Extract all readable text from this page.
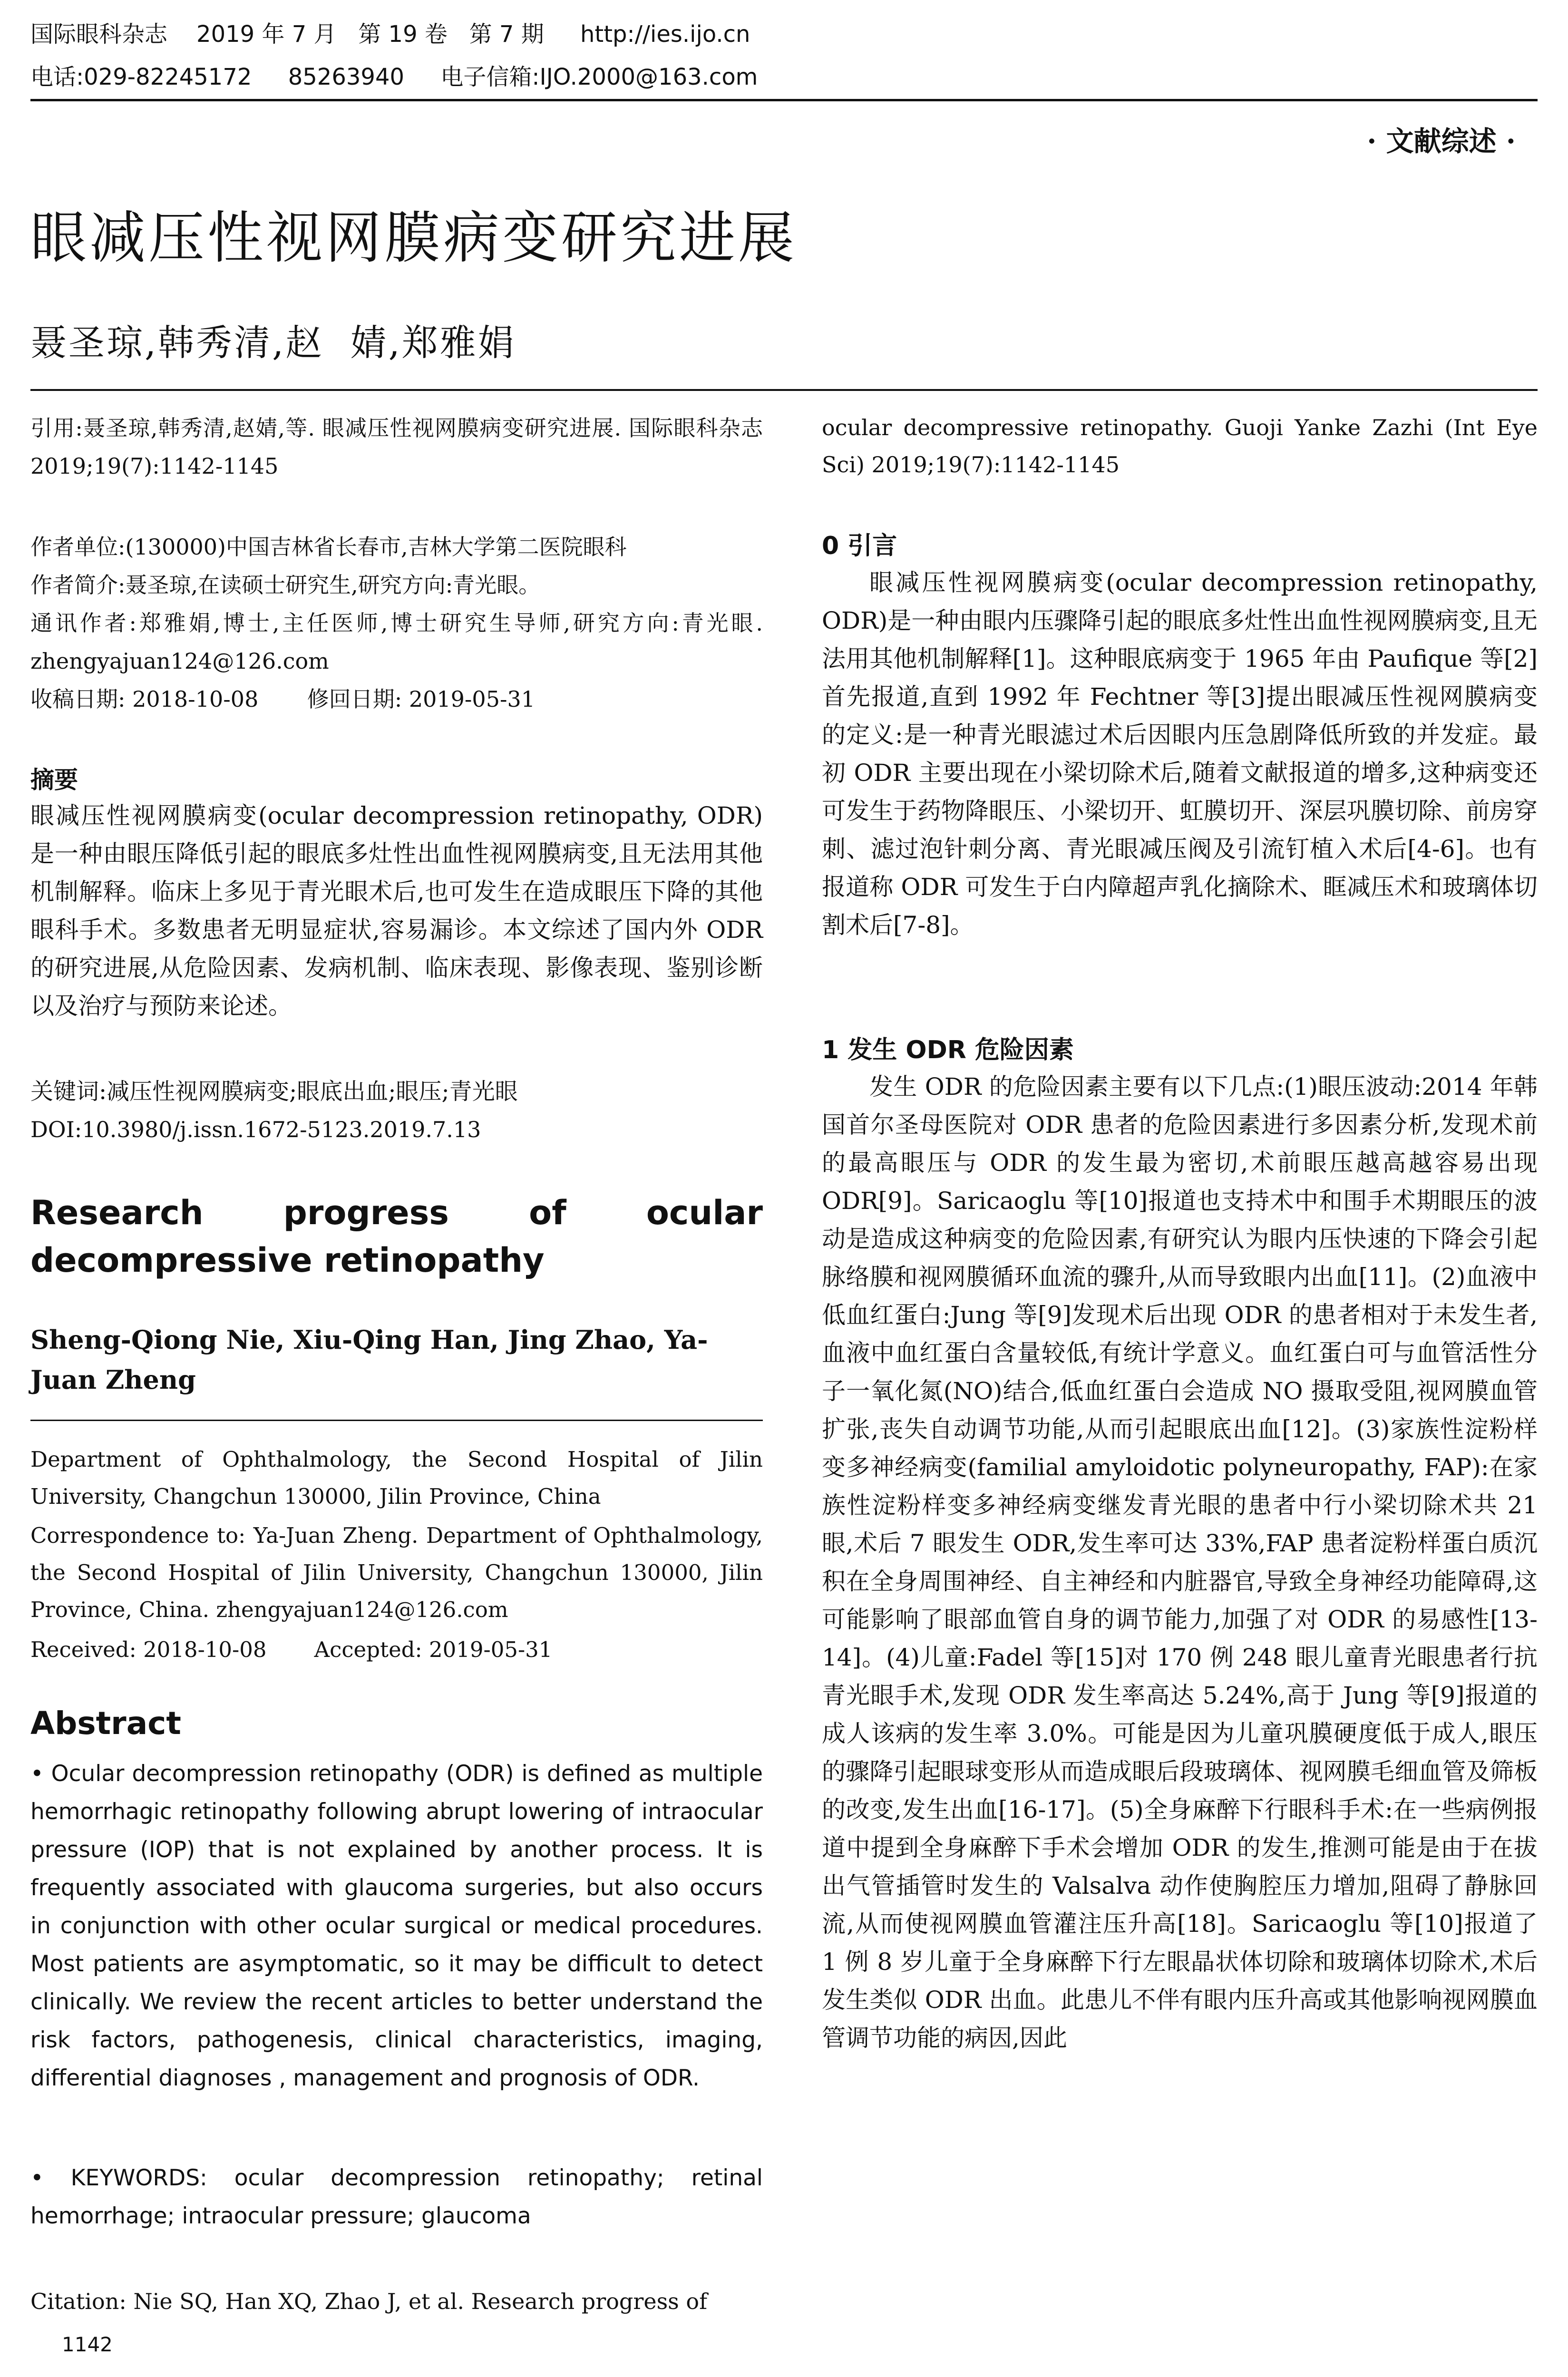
国际眼科杂志    2019 年 7 月   第 19 卷   第 7 期     http://ies.ijo.cn
电话:029-82245172     85263940     电子信箱:IJO.2000@163.com
· 文献综述 ·
眼减压性视网膜病变研究进展
聂圣琼,韩秀清,赵  婧,郑雅娟

引用:聂圣琼,韩秀清,赵婧,等. 眼减压性视网膜病变研究进展. 国际眼科杂志 2019;19(7):1142-1145

作者单位:(130000)中国吉林省长春市,吉林大学第二医院眼科

作者简介:聂圣琼,在读硕士研究生,研究方向:青光眼。

通讯作者:郑雅娟,博士,主任医师,博士研究生导师,研究方向:青光眼. zhengyajuan124@126.com

收稿日期: 2018-10-08       修回日期: 2019-05-31

摘要

眼减压性视网膜病变(ocular decompression retinopathy, ODR)是一种由眼压降低引起的眼底多灶性出血性视网膜病变,且无法用其他机制解释。临床上多见于青光眼术后,也可发生在造成眼压下降的其他眼科手术。多数患者无明显症状,容易漏诊。本文综述了国内外 ODR 的研究进展,从危险因素、发病机制、临床表现、影像表现、鉴别诊断以及治疗与预防来论述。

关键词:减压性视网膜病变;眼底出血;眼压;青光眼

DOI:10.3980/j.issn.1672-5123.2019.7.13

Research progress of ocular decompressive retinopathy

Sheng-Qiong Nie, Xiu-Qing Han, Jing Zhao, Ya-Juan Zheng

Department of Ophthalmology, the Second Hospital of Jilin University, Changchun 130000, Jilin Province, China

Correspondence to: Ya-Juan Zheng. Department of Ophthalmology, the Second Hospital of Jilin University, Changchun 130000, Jilin Province, China. zhengyajuan124@126.com

Received: 2018-10-08       Accepted: 2019-05-31

Abstract

• Ocular decompression retinopathy (ODR) is defined as multiple hemorrhagic retinopathy following abrupt lowering of intraocular pressure (IOP) that is not explained by another process. It is frequently associated with glaucoma surgeries, but also occurs in conjunction with other ocular surgical or medical procedures. Most patients are asymptomatic, so it may be difficult to detect clinically. We review the recent articles to better understand the risk factors, pathogenesis, clinical characteristics, imaging, differential diagnoses , management and prognosis of ODR.

• KEYWORDS: ocular decompression retinopathy; retinal hemorrhage; intraocular pressure; glaucoma

Citation: Nie SQ, Han XQ, Zhao J, et al. Research progress of

ocular decompressive retinopathy. Guoji Yanke Zazhi (Int Eye Sci) 2019;19(7):1142-1145

0 引言

眼减压性视网膜病变(ocular decompression retinopathy, ODR)是一种由眼内压骤降引起的眼底多灶性出血性视网膜病变,且无法用其他机制解释[1]。这种眼底病变于 1965 年由 Paufique 等[2]首先报道,直到 1992 年 Fechtner 等[3]提出眼减压性视网膜病变的定义:是一种青光眼滤过术后因眼内压急剧降低所致的并发症。最初 ODR 主要出现在小梁切除术后,随着文献报道的增多,这种病变还可发生于药物降眼压、小梁切开、虹膜切开、深层巩膜切除、前房穿刺、滤过泡针刺分离、青光眼减压阀及引流钉植入术后[4-6]。也有报道称 ODR 可发生于白内障超声乳化摘除术、眶减压术和玻璃体切割术后[7-8]。

1 发生 ODR 危险因素

发生 ODR 的危险因素主要有以下几点:(1)眼压波动:2014 年韩国首尔圣母医院对 ODR 患者的危险因素进行多因素分析,发现术前的最高眼压与 ODR 的发生最为密切,术前眼压越高越容易出现 ODR[9]。Saricaoglu 等[10]报道也支持术中和围手术期眼压的波动是造成这种病变的危险因素,有研究认为眼内压快速的下降会引起脉络膜和视网膜循环血流的骤升,从而导致眼内出血[11]。(2)血液中低血红蛋白:Jung 等[9]发现术后出现 ODR 的患者相对于未发生者,血液中血红蛋白含量较低,有统计学意义。血红蛋白可与血管活性分子一氧化氮(NO)结合,低血红蛋白会造成 NO 摄取受阻,视网膜血管扩张,丧失自动调节功能,从而引起眼底出血[12]。(3)家族性淀粉样变多神经病变(familial amyloidotic polyneuropathy, FAP):在家族性淀粉样变多神经病变继发青光眼的患者中行小梁切除术共 21 眼,术后 7 眼发生 ODR,发生率可达 33%,FAP 患者淀粉样蛋白质沉积在全身周围神经、自主神经和内脏器官,导致全身神经功能障碍,这可能影响了眼部血管自身的调节能力,加强了对 ODR 的易感性[13-14]。(4)儿童:Fadel 等[15]对 170 例 248 眼儿童青光眼患者行抗青光眼手术,发现 ODR 发生率高达 5.24%,高于 Jung 等[9]报道的成人该病的发生率 3.0%。可能是因为儿童巩膜硬度低于成人,眼压的骤降引起眼球变形从而造成眼后段玻璃体、视网膜毛细血管及筛板的改变,发生出血[16-17]。(5)全身麻醉下行眼科手术:在一些病例报道中提到全身麻醉下手术会增加 ODR 的发生,推测可能是由于在拔出气管插管时发生的 Valsalva 动作使胸腔压力增加,阻碍了静脉回流,从而使视网膜血管灌注压升高[18]。Saricaoglu 等[10]报道了 1 例 8 岁儿童于全身麻醉下行左眼晶状体切除和玻璃体切除术,术后发生类似 ODR 出血。此患儿不伴有眼内压升高或其他影响视网膜血管调节功能的病因,因此

1142
